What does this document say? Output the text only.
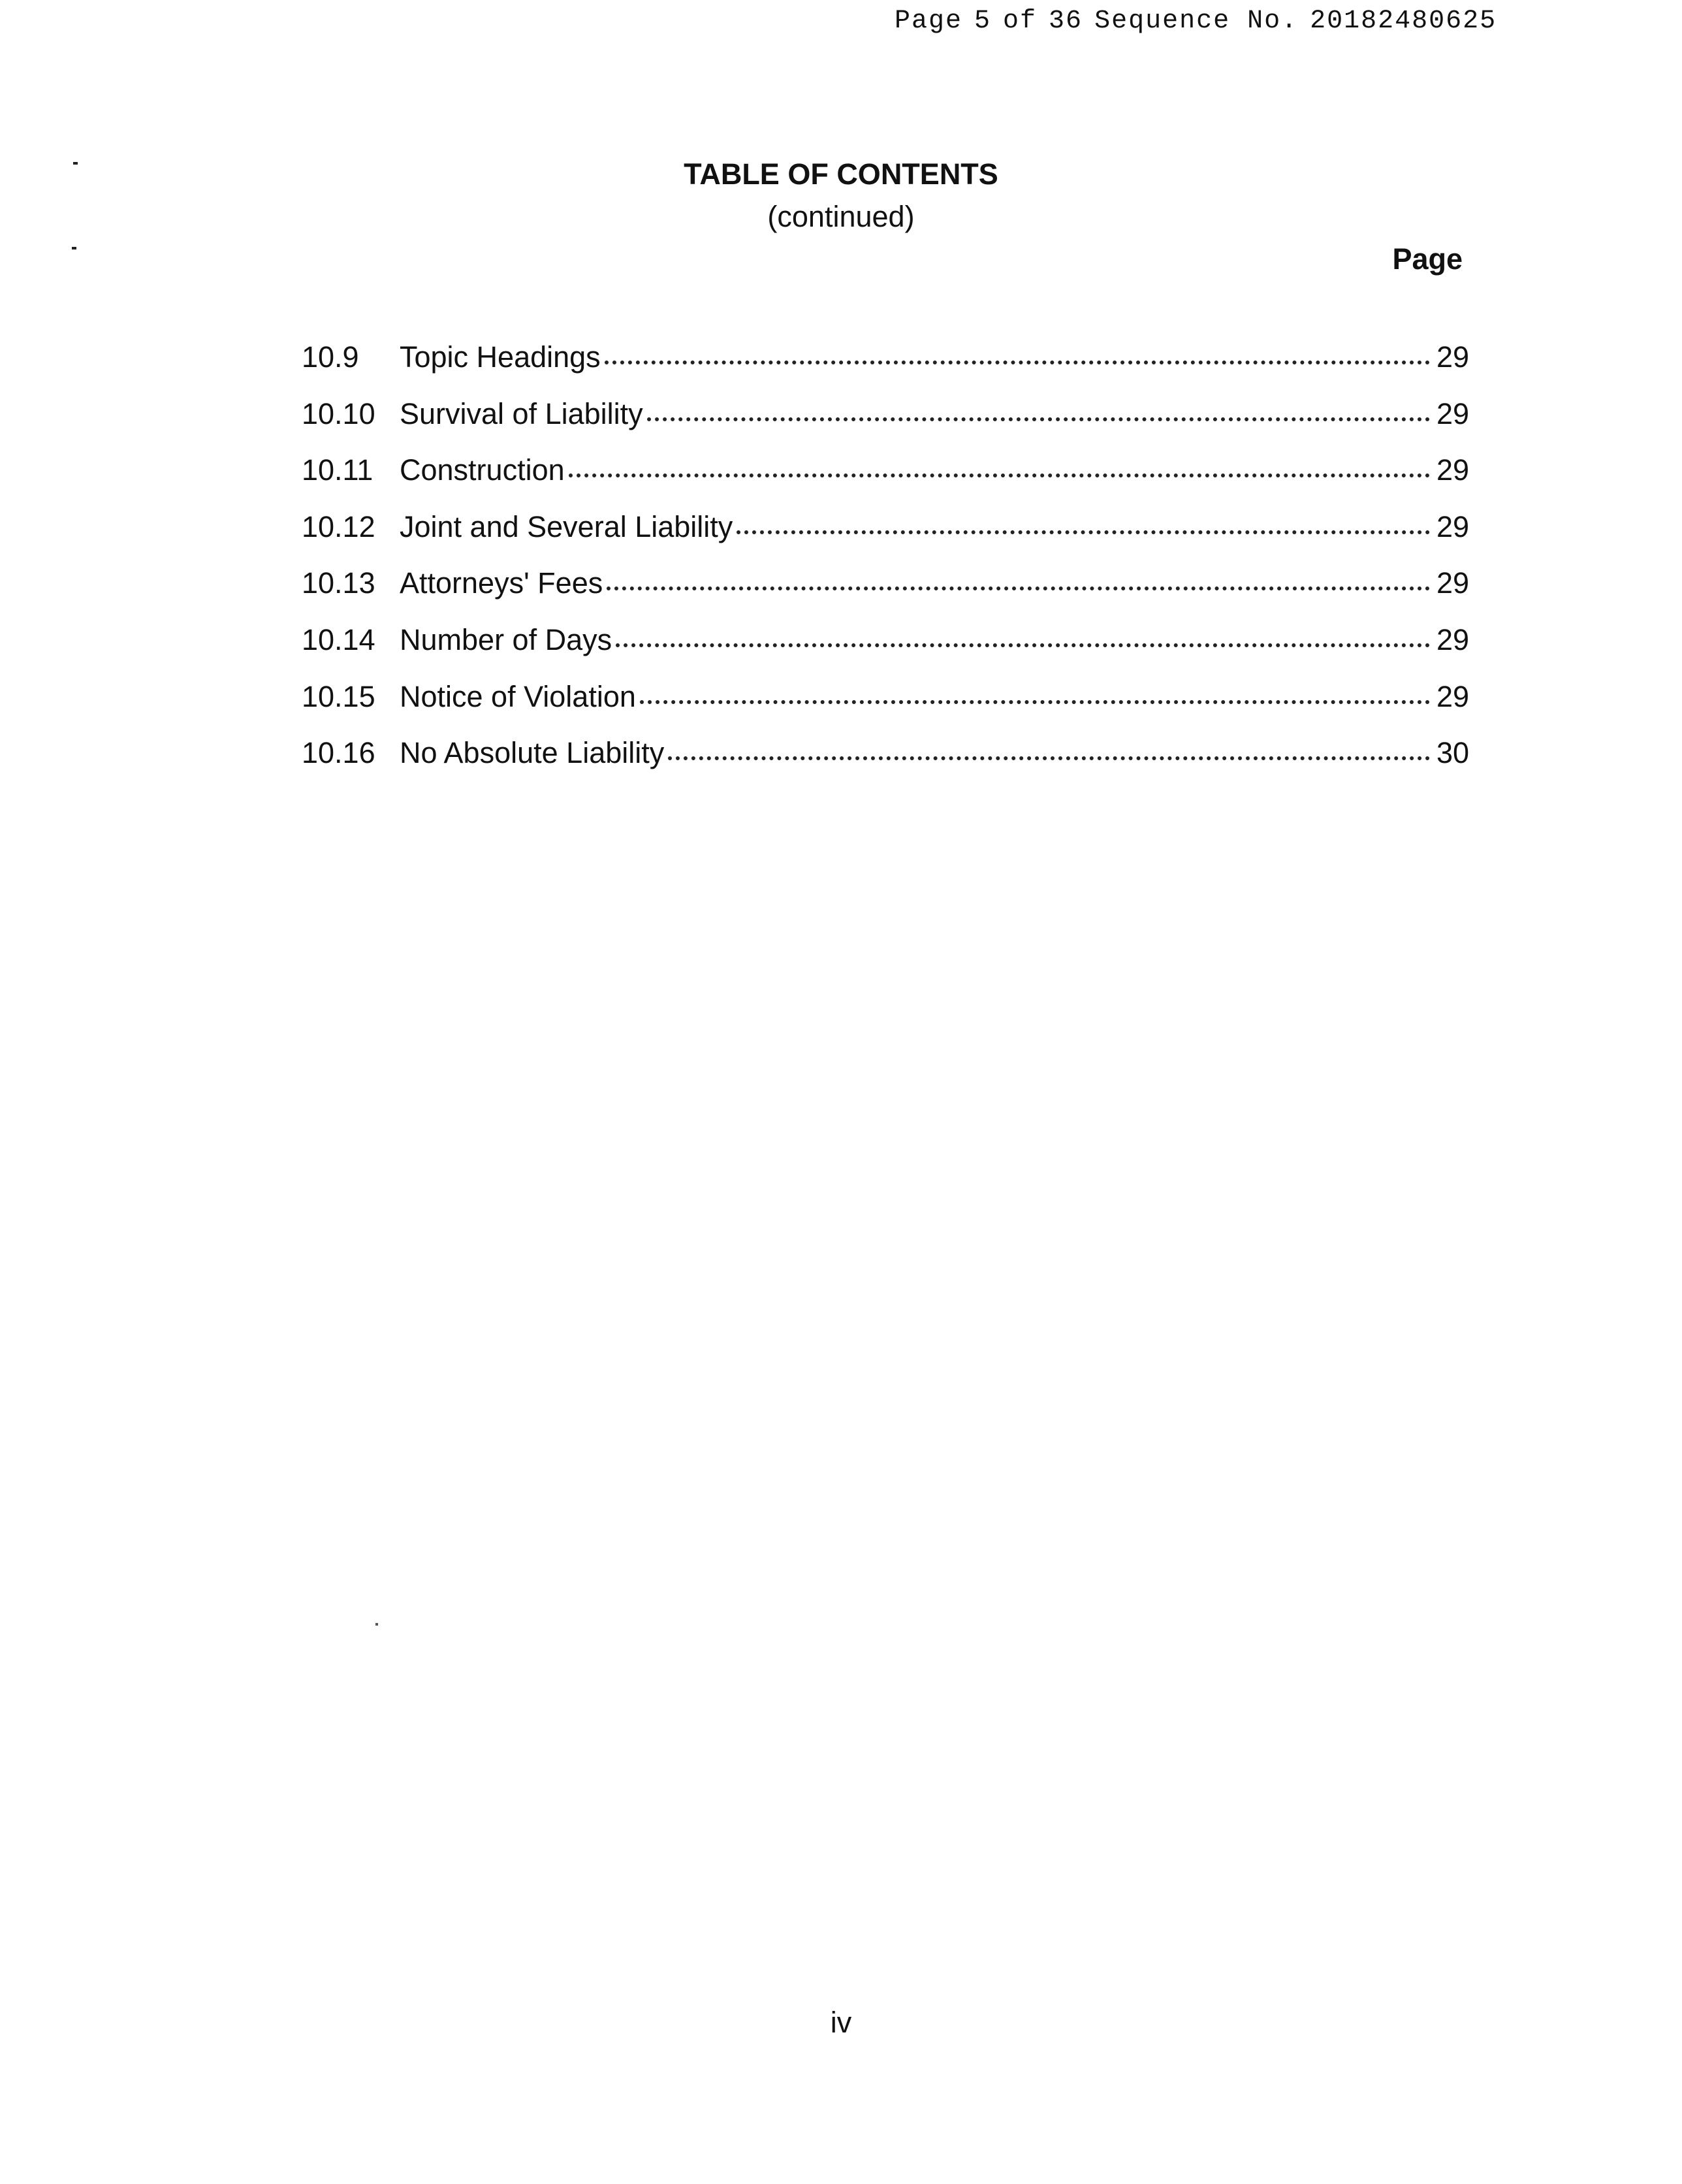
Page 5 of 36 Sequence No. 20182480625
TABLE OF CONTENTS
(continued)
Page
10.9	Topic Headings	29
10.10 Survival of Liability	29
10.11 Construction	29
10.12 Joint and Several Liability	29
10.13 Attorneys' Fees	29
10.14 Number of Days	29
10.15 Notice of Violation	29
10.16 No Absolute Liability	30
iv
